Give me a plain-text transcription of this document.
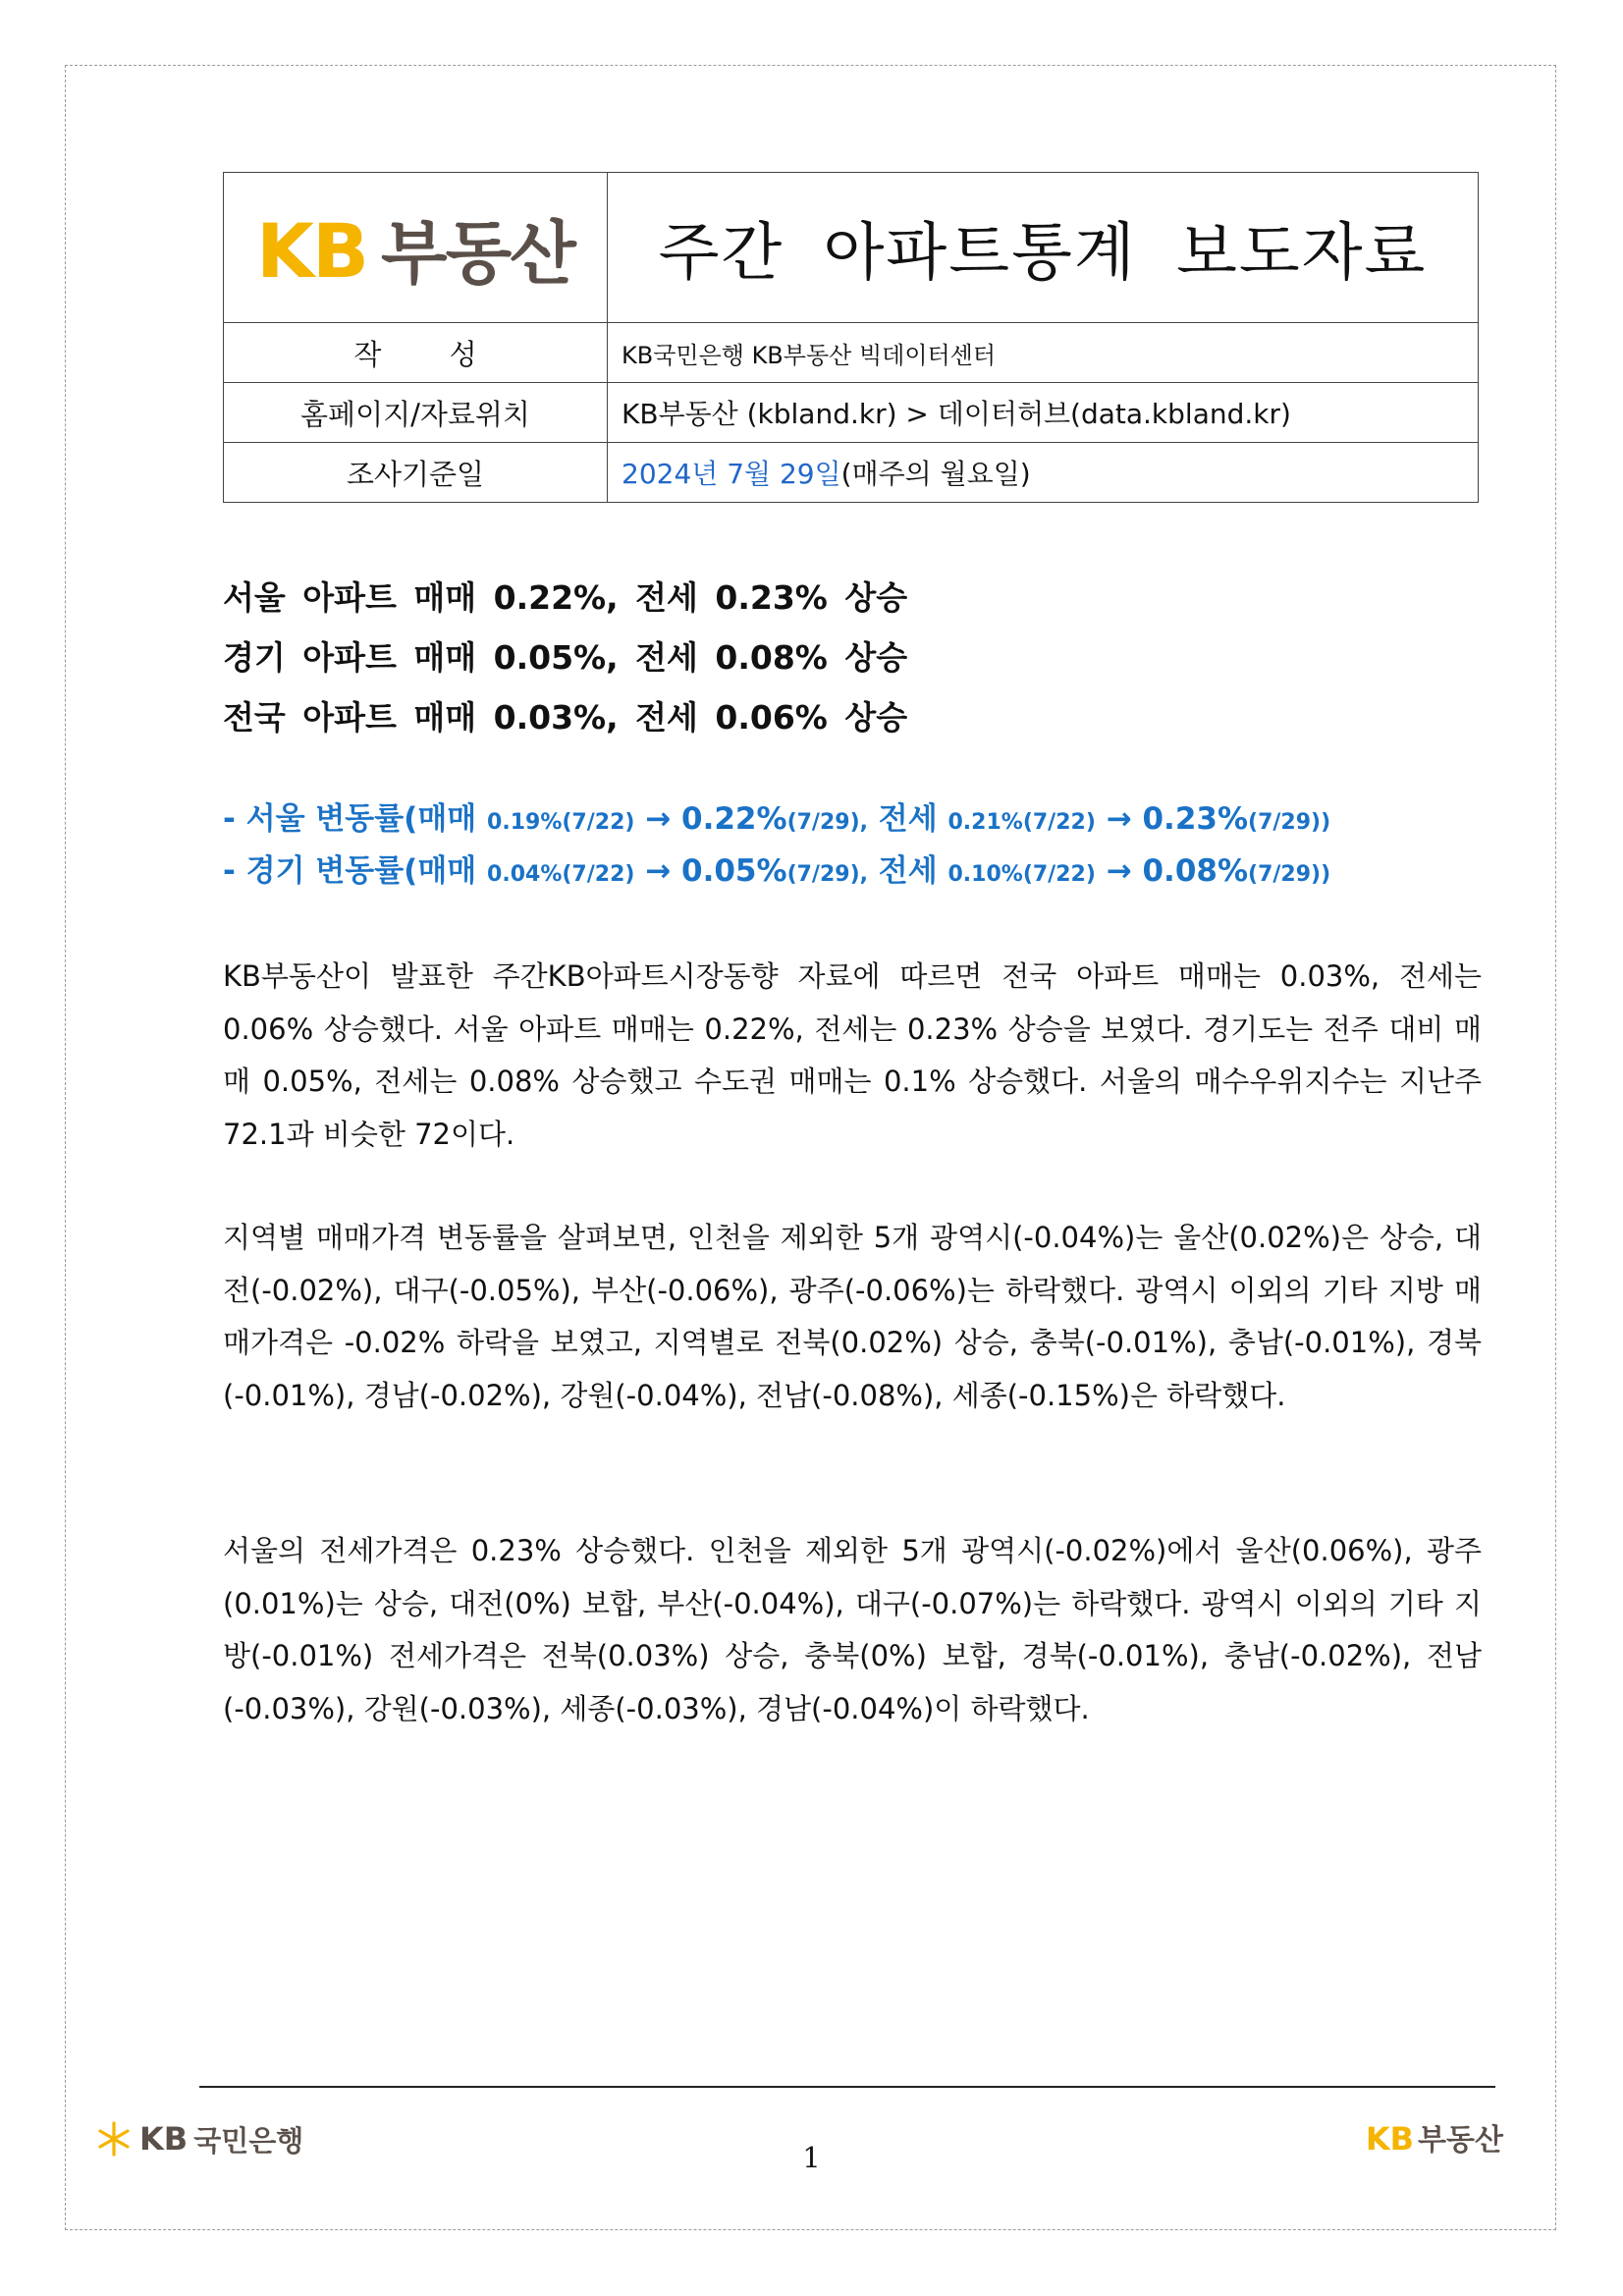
KB 부동산	주간 아파트통계 보도자료
작 성	KB국민은행 KB부동산 빅데이터센터
홈페이지/자료위치	KB부동산 (kbland.kr) > 데이터허브(data.kbland.kr)
조사기준일	2024년 7월 29일(매주의 월요일)
서울 아파트 매매 0.22%, 전세 0.23% 상승
경기 아파트 매매 0.05%, 전세 0.08% 상승
전국 아파트 매매 0.03%, 전세 0.06% 상승
- 서울 변동률(매매 0.19%(7/22) → 0.22%(7/29), 전세 0.21%(7/22) → 0.23%(7/29))
- 경기 변동률(매매 0.04%(7/22) → 0.05%(7/29), 전세 0.10%(7/22) → 0.08%(7/29))

KB부동산이 발표한 주간KB아파트시장동향 자료에 따르면 전국 아파트 매매는 0.03%, 전세는 0.06% 상승했다. 서울 아파트 매매는 0.22%, 전세는 0.23% 상승을 보였다. 경기도는 전주 대비 매매 0.05%, 전세는 0.08% 상승했고 수도권 매매는 0.1% 상승했다. 서울의 매수우위지수는 지난주 72.1과 비슷한 72이다.

지역별 매매가격 변동률을 살펴보면, 인천을 제외한 5개 광역시(-0.04%)는 울산(0.02%)은 상승, 대전(-0.02%), 대구(-0.05%), 부산(-0.06%), 광주(-0.06%)는 하락했다. 광역시 이외의 기타 지방 매매가격은 -0.02% 하락을 보였고, 지역별로 전북(0.02%) 상승, 충북(-0.01%), 충남(-0.01%), 경북(-0.01%), 경남(-0.02%), 강원(-0.04%), 전남(-0.08%), 세종(-0.15%)은 하락했다.

서울의 전세가격은 0.23% 상승했다. 인천을 제외한 5개 광역시(-0.02%)에서 울산(0.06%), 광주(0.01%)는 상승, 대전(0%) 보합, 부산(-0.04%), 대구(-0.07%)는 하락했다. 광역시 이외의 기타 지방(-0.01%) 전세가격은 전북(0.03%) 상승, 충북(0%) 보합, 경북(-0.01%), 충남(-0.02%), 전남(-0.03%), 강원(-0.03%), 세종(-0.03%), 경남(-0.04%)이 하락했다.

KB 국민은행
1	KB 부동산
